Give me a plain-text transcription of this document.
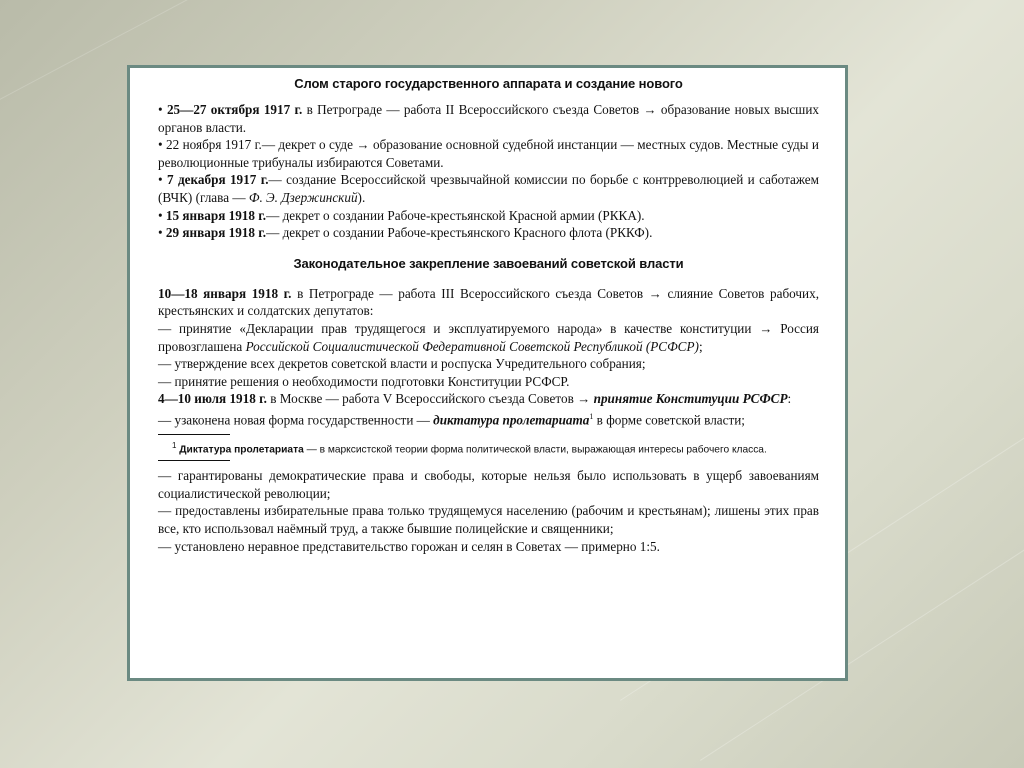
Слом старого государственного аппарата и создание нового

• 25—27 октября 1917 г. в Петрограде — работа II Всероссийского съезда Советов → образование новых высших органов власти.

• 22 ноября 1917 г.— декрет о суде → образование основной судебной инстанции — местных судов. Местные суды и революционные трибуналы избираются Советами.

• 7 декабря 1917 г.— создание Всероссийской чрезвычайной комиссии по борьбе с контрреволюцией и саботажем (ВЧК) (глава — Ф. Э. Дзержинский).

• 15 января 1918 г.— декрет о создании Рабоче-крестьянской Красной армии (РККА).

• 29 января 1918 г.— декрет о создании Рабоче-крестьянского Красного флота (РККФ).

Законодательное закрепление завоеваний советской власти

10—18 января 1918 г. в Петрограде — работа III Всероссийского съезда Советов → слияние Советов рабочих, крестьянских и солдатских депутатов:

— принятие «Декларации прав трудящегося и эксплуатируемого народа» в качестве конституции → Россия провозглашена Российской Социалистической Федеративной Советской Республикой (РСФСР);

— утверждение всех декретов советской власти и роспуска Учредительного собрания;

— принятие решения о необходимости подготовки Конституции РСФСР.

4—10 июля 1918 г. в Москве — работа V Всероссийского съезда Советов → принятие Конституции РСФСР:

— узаконена новая форма государственности — диктатура пролетариата$^1$ в форме советской власти;

$^1$ Диктатура пролетариата — в марксистской теории форма политической власти, выражающая интересы рабочего класса.

— гарантированы демократические права и свободы, которые нельзя было использовать в ущерб завоеваниям социалистической революции;

— предоставлены избирательные права только трудящемуся населению (рабочим и крестьянам); лишены этих прав все, кто использовал наёмный труд, а также бывшие полицейские и священники;

— установлено неравное представительство горожан и селян в Советах — примерно 1:5.
